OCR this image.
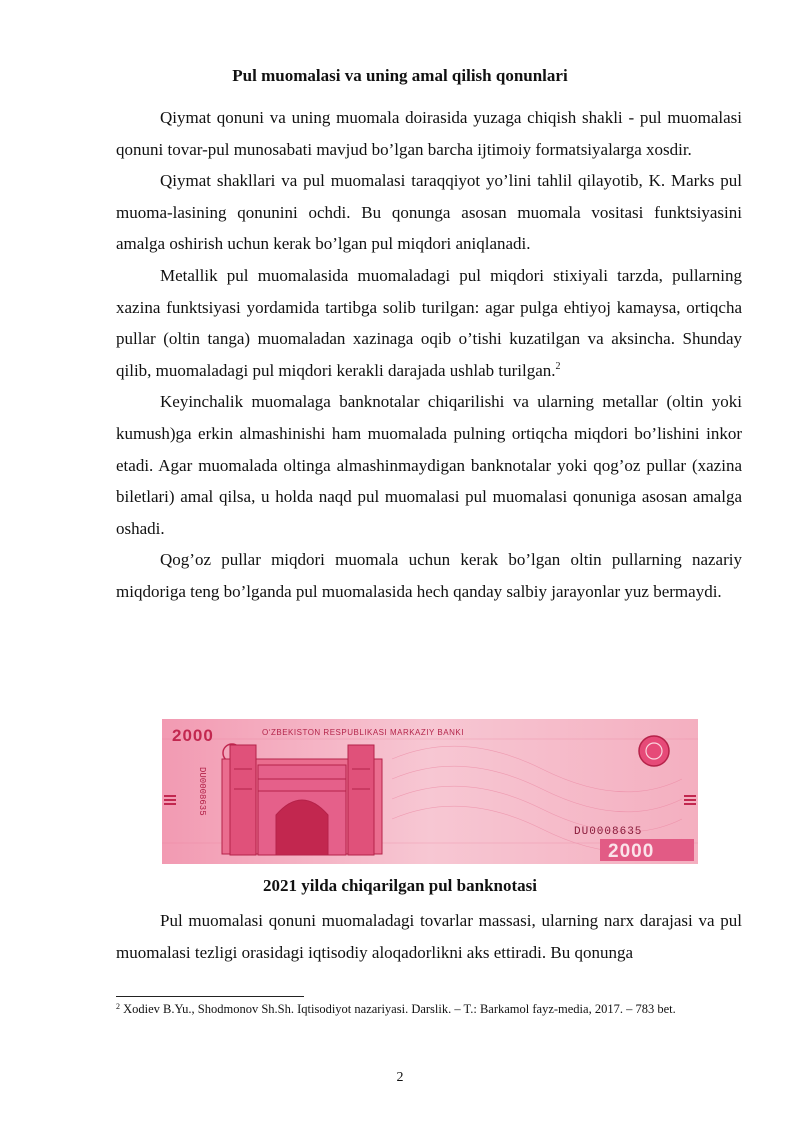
Pul muomalasi va uning amal qilish qonunlari

Qiymat qonuni va uning muomala doirasida yuzaga chiqish shakli - pul muomalasi qonuni tovar-pul munosabati mavjud bo’lgan barcha ijtimoiy formatsiyalarga xosdir.

Qiymat shakllari va pul muomalasi taraqqiyot yo’lini tahlil qilayotib, K. Marks pul muoma-lasining qonunini ochdi. Bu qonunga asosan muomala vositasi funktsiyasini amalga oshirish uchun kerak bo’lgan pul miqdori aniqlanadi.

Metallik pul muomalasida muomaladagi pul miqdori stixiyali tarzda, pullarning xazina funktsiyasi yordamida tartibga solib turilgan: agar pulga ehtiyoj kamaysa, ortiqcha pullar (oltin tanga) muomaladan xazinaga oqib o’tishi kuzatilgan va aksincha. Shunday qilib, muomaladagi pul miqdori kerakli darajada ushlab turilgan.$^2$

Keyinchalik muomalaga banknotalar chiqarilishi va ularning metallar (oltin yoki kumush)ga erkin almashinishi ham muomalada pulning ortiqcha miqdori bo’lishini inkor etadi. Agar muomalada oltinga almashinmaydigan banknotalar yoki qog’oz pullar (xazina biletlari) amal qilsa, u holda naqd pul muomalasi pul muomalasi qonuniga asosan amalga oshadi.

Qog’oz pullar miqdori muomala uchun kerak bo’lgan oltin pullarning nazariy miqdoriga teng bo’lganda pul muomalasida hech qanday salbiy jarayonlar yuz bermaydi.

2000	O‘ZBEKISTON RESPUBLIKASI MARKAZIY BANKI
DU0008635
DU0008635
2000
2021 yilda chiqarilgan pul banknotasi

Pul muomalasi qonuni muomaladagi tovarlar massasi, ularning narx darajasi va pul muomalasi tezligi orasidagi iqtisodiy aloqadorlikni aks ettiradi. Bu qonunga

$^2$ Xodiev B.Yu., Shodmonov Sh.Sh. Iqtisodiyot nazariyasi. Darslik. – T.: Barkamol fayz-media, 2017. – 783 bet.
2
